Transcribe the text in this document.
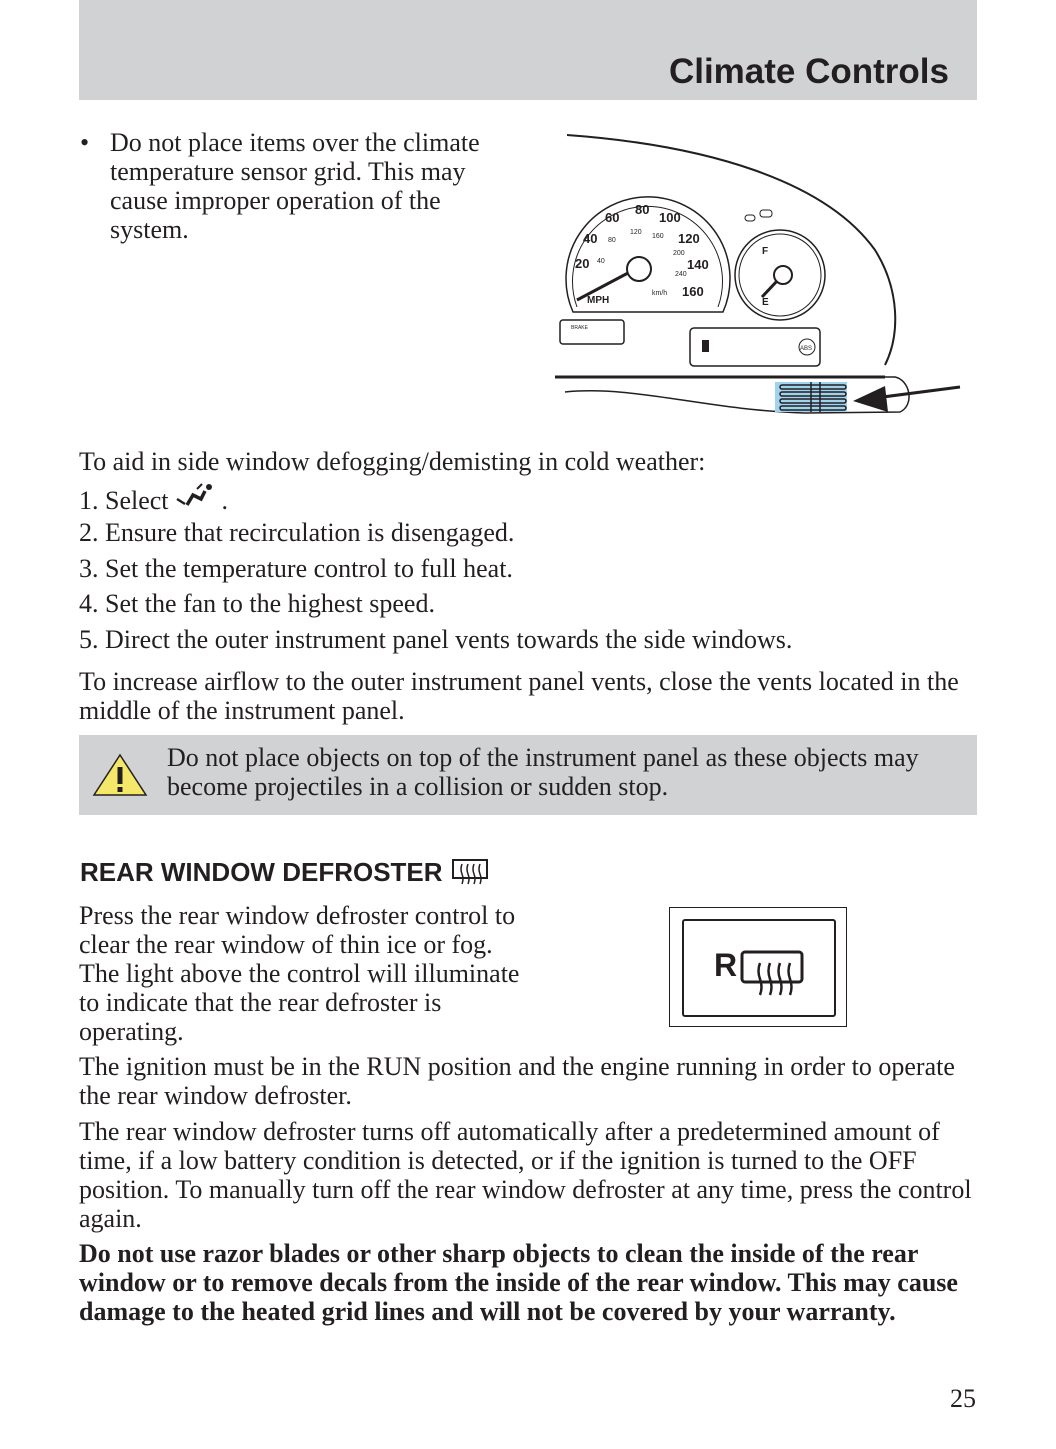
Climate Controls
• Do not place items over the climate temperature sensor grid. This may cause improper operation of the system.
20
40
60
80
100
120
140
160
MPH
40
80
120
160
200
240
km/h
F
E
BRAKE
ABS
To aid in side window defogging/demisting in cold weather:
1. Select .
2. Ensure that recirculation is disengaged.
3. Set the temperature control to full heat.
4. Set the fan to the highest speed.
5. Direct the outer instrument panel vents towards the side windows.

To increase airflow to the outer instrument panel vents, close the vents located in the middle of the instrument panel.

Do not place objects on top of the instrument panel as these objects may become projectiles in a collision or sudden stop.
REAR WINDOW DEFROSTER

Press the rear window defroster control to clear the rear window of thin ice or fog. The light above the control will illuminate to indicate that the rear defroster is operating.

R

The ignition must be in the RUN position and the engine running in order to operate the rear window defroster.

The rear window defroster turns off automatically after a predetermined amount of time, if a low battery condition is detected, or if the ignition is turned to the OFF position. To manually turn off the rear window defroster at any time, press the control again.

Do not use razor blades or other sharp objects to clean the inside of the rear window or to remove decals from the inside of the rear window. This may cause damage to the heated grid lines and will not be covered by your warranty.

25
